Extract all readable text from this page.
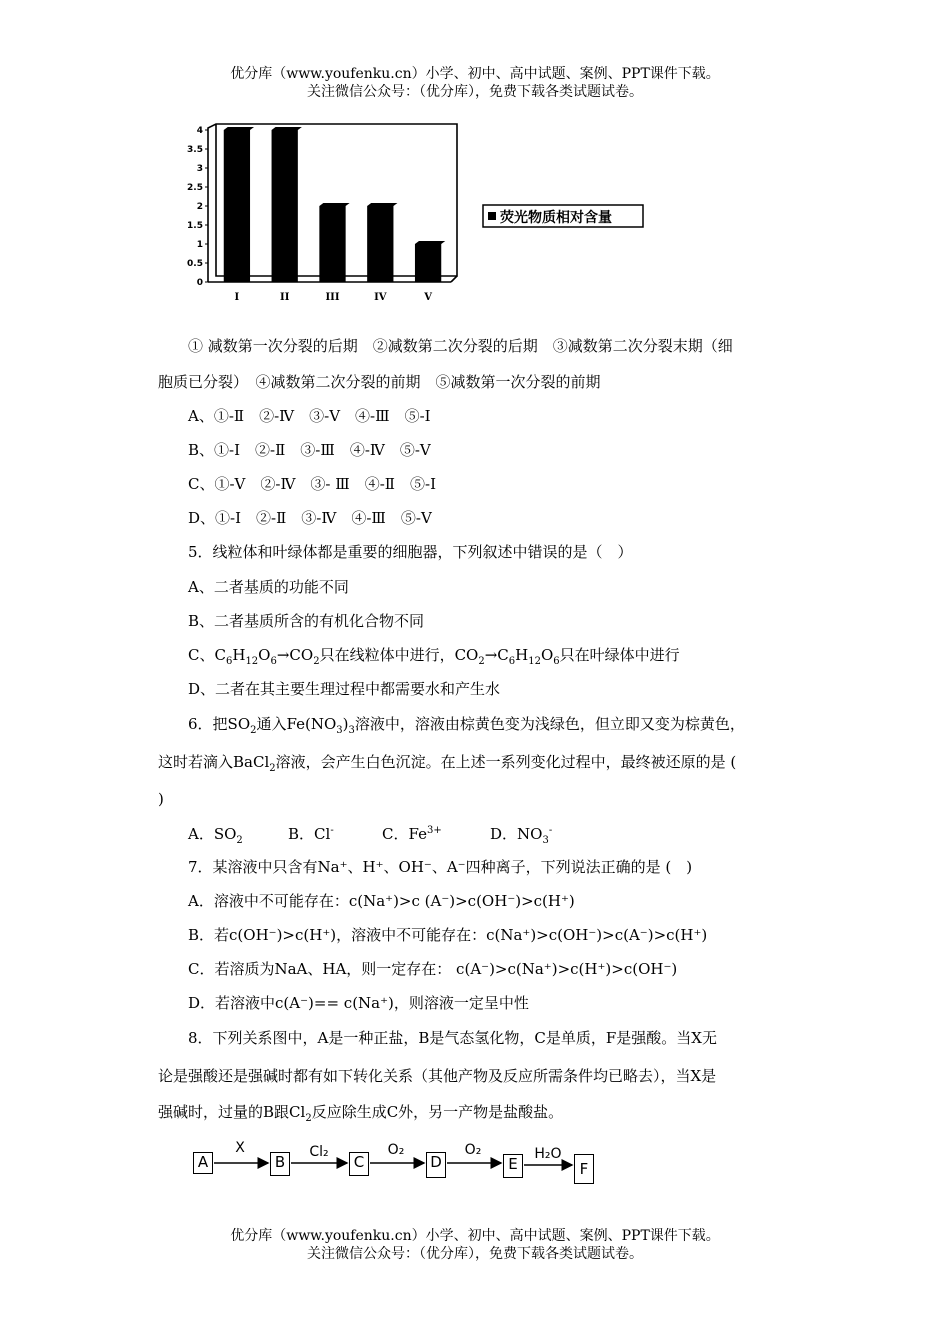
优分库（www.youfenku.cn）小学、初中、高中试题、案例、PPT课件下载。
关注微信公众号：（优分库），免费下载各类试题试卷。
0
0.5
1
1.5
2
2.5
3
3.5
4
I	II	III	IV	V
荧光物质相对含量
① 减数第一次分裂的后期　②减数第二次分裂的后期　③减数第二次分裂末期（细
胞质已分裂）　④减数第二次分裂的前期　⑤减数第一次分裂的前期
A、①-Ⅱ　②-Ⅳ　③-Ⅴ　④-Ⅲ　⑤-Ⅰ
B、①-Ⅰ　②-Ⅱ　③-Ⅲ　④-Ⅳ　⑤-Ⅴ
C、①-Ⅴ　②-Ⅳ　③- Ⅲ　④-Ⅱ　⑤-Ⅰ
D、①-Ⅰ　②-Ⅱ　③-Ⅳ　④-Ⅲ　⑤-Ⅴ
5．线粒体和叶绿体都是重要的细胞器，下列叙述中错误的是（　）
A、二者基质的功能不同
B、二者基质所含的有机化合物不同
C、$C_6H_{12}O_6\to CO_2$只在线粒体中进行，$CO_2\to C_6H_{12}O_6$只在叶绿体中进行
D、二者在其主要生理过程中都需要水和产生水
6．把$SO_2$通入$Fe(NO_3)_3$溶液中，溶液由棕黄色变为浅绿色，但立即又变为棕黄色，
这时若滴入BaCl$_2$溶液，会产生白色沉淀。在上述一系列变化过程中，最终被还原的是 (
)
A．$SO_2$	B．Cl-	C．$Fe^{3+}$	D．$NO_3^-$
7．某溶液中只含有Na⁺、H⁺、OH⁻、A⁻四种离子，下列说法正确的是 (　)
A．溶液中不可能存在：c(Na⁺)>c (A⁻)>c(OH⁻)>c(H⁺)
B．若c(OH⁻)>c(H⁺)，溶液中不可能存在：c(Na⁺)>c(OH⁻)>c(A⁻)>c(H⁺)
C．若溶质为NaA、HA，则一定存在： c(A⁻)>c(Na⁺)>c(H⁺)>c(OH⁻)
D．若溶液中c(A⁻)== c(Na⁺)，则溶液一定呈中性
8．下列关系图中，A是一种正盐，B是气态氢化物，C是单质，F是强酸。当X无
论是强酸还是强碱时都有如下转化关系（其他产物及反应所需条件均已略去），当X是
强碱时，过量的B跟$Cl_2$反应除生成C外，另一产物是盐酸盐。
A	B	C	D	E	F
X	Cl₂	O₂	O₂	H₂O
优分库（www.youfenku.cn）小学、初中、高中试题、案例、PPT课件下载。
关注微信公众号：（优分库），免费下载各类试题试卷。
